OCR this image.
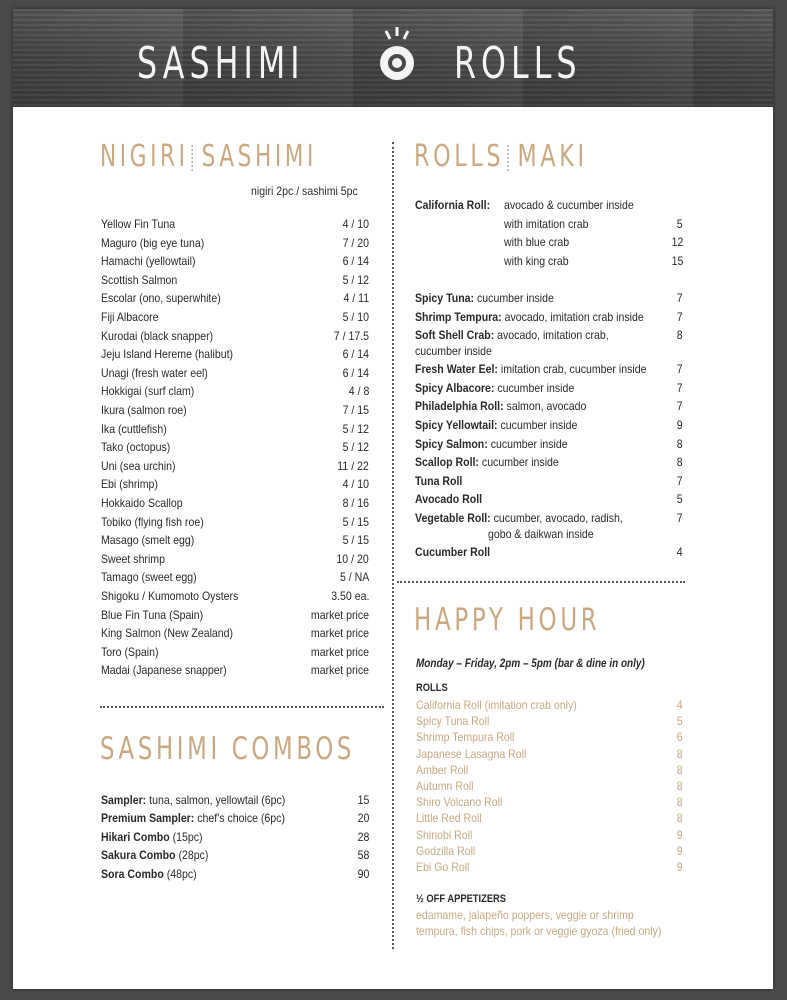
SASHIMI	ROLLS
NIGIRI SASHIMI
nigiri 2pc / sashimi 5pc
Yellow Fin Tuna	4 / 10
Maguro (big eye tuna)	7 / 20
Hamachi (yellowtail)	6 / 14
Scottish Salmon	5 / 12
Escolar (ono, superwhite)	4 / 11
Fiji Albacore	5 / 10
Kurodai (black snapper)	7 / 17.5
Jeju Island Hereme (halibut)	6 / 14
Unagi (fresh water eel)	6 / 14
Hokkigai (surf clam)	4 / 8
Ikura (salmon roe)	7 / 15
Ika (cuttlefish)	5 / 12
Tako (octopus)	5 / 12
Uni (sea urchin)	11 / 22
Ebi (shrimp)	4 / 10
Hokkaido Scallop	8 / 16
Tobiko (flying fish roe)	5 / 15
Masago (smelt egg)	5 / 15
Sweet shrimp	10 / 20
Tamago (sweet egg)	5 / NA
Shigoku / Kumomoto Oysters	3.50 ea.
Blue Fin Tuna (Spain)	market price
King Salmon (New Zealand)	market price
Toro (Spain)	market price
Madai (Japanese snapper)	market price
SASHIMI COMBOS
Sampler: tuna, salmon, yellowtail (6pc)	15
Premium Sampler: chef's choice (6pc)	20
Hikari Combo (15pc)	28
Sakura Combo (28pc)	58
Sora Combo (48pc)	90
ROLLS MAKI
California Roll: avocado & cucumber inside
with imitation crab	5
with blue crab	12
with king crab	15
Spicy Tuna: cucumber inside	7
Shrimp Tempura: avocado, imitation crab inside	7
Soft Shell Crab: avocado, imitation crab,	8
cucumber inside
Fresh Water Eel: imitation crab, cucumber inside	7
Spicy Albacore: cucumber inside	7
Philadelphia Roll: salmon, avocado	7
Spicy Yellowtail: cucumber inside	9
Spicy Salmon: cucumber inside	8
Scallop Roll: cucumber inside	8
Tuna Roll	7
Avocado Roll	5
Vegetable Roll: cucumber, avocado, radish,	7
gobo & daikwan inside
Cucumber Roll	4
HAPPY HOUR
Monday – Friday, 2pm – 5pm (bar & dine in only)
ROLLS
California Roll (imitation crab only)	4
Spicy Tuna Roll	5
Shrimp Tempura Roll	6
Japanese Lasagna Roll	8
Amber Roll	8
Autumn Roll	8
Shiro Volcano Roll	8
Little Red Roll	8
Shinobi Roll	9
Godzilla Roll	9
Ebi Go Roll	9
½ OFF APPETIZERS
edamame, jalapeño poppers, veggie or shrimp
tempura, fish chips, pork or veggie gyoza (fried only)
